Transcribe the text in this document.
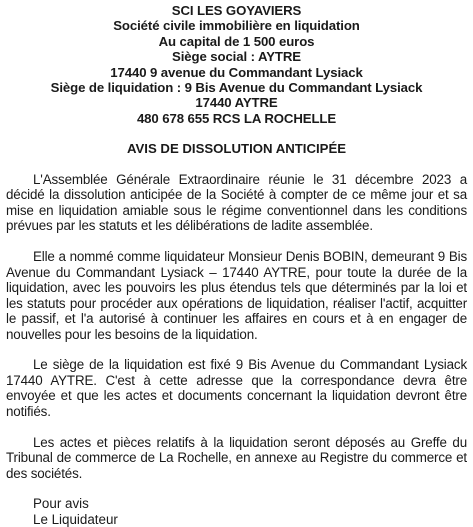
SCI LES GOYAVIERS
Société civile immobilière en liquidation
Au capital de 1 500 euros
Siège social : AYTRE
17440 9 avenue du Commandant Lysiack
Siège de liquidation : 9 Bis Avenue du Commandant Lysiack
17440 AYTRE
480 678 655 RCS LA ROCHELLE
AVIS DE DISSOLUTION ANTICIPÉE

L'Assemblée Générale Extraordinaire réunie le 31 décembre 2023 a décidé la dissolution anticipée de la Société à compter de ce même jour et sa mise en liquidation amiable sous le régime conventionnel dans les conditions prévues par les statuts et les délibérations de ladite assemblée.

Elle a nommé comme liquidateur Monsieur Denis BOBIN, demeurant 9 Bis Avenue du Commandant Lysiack – 17440 AYTRE, pour toute la durée de la liquidation, avec les pouvoirs les plus étendus tels que déterminés par la loi et les statuts pour procéder aux opérations de liquidation, réaliser l'actif, acquitter le passif, et l'a autorisé à continuer les affaires en cours et à en engager de nouvelles pour les besoins de la liquidation.

Le siège de la liquidation est fixé 9 Bis Avenue du Commandant Lysiack 17440 AYTRE. C'est à cette adresse que la correspondance devra être envoyée et que les actes et documents concernant la liquidation devront être notifiés.

Les actes et pièces relatifs à la liquidation seront déposés au Greffe du Tribunal de commerce de La Rochelle, en annexe au Registre du commerce et des sociétés.

Pour avis
Le Liquidateur
